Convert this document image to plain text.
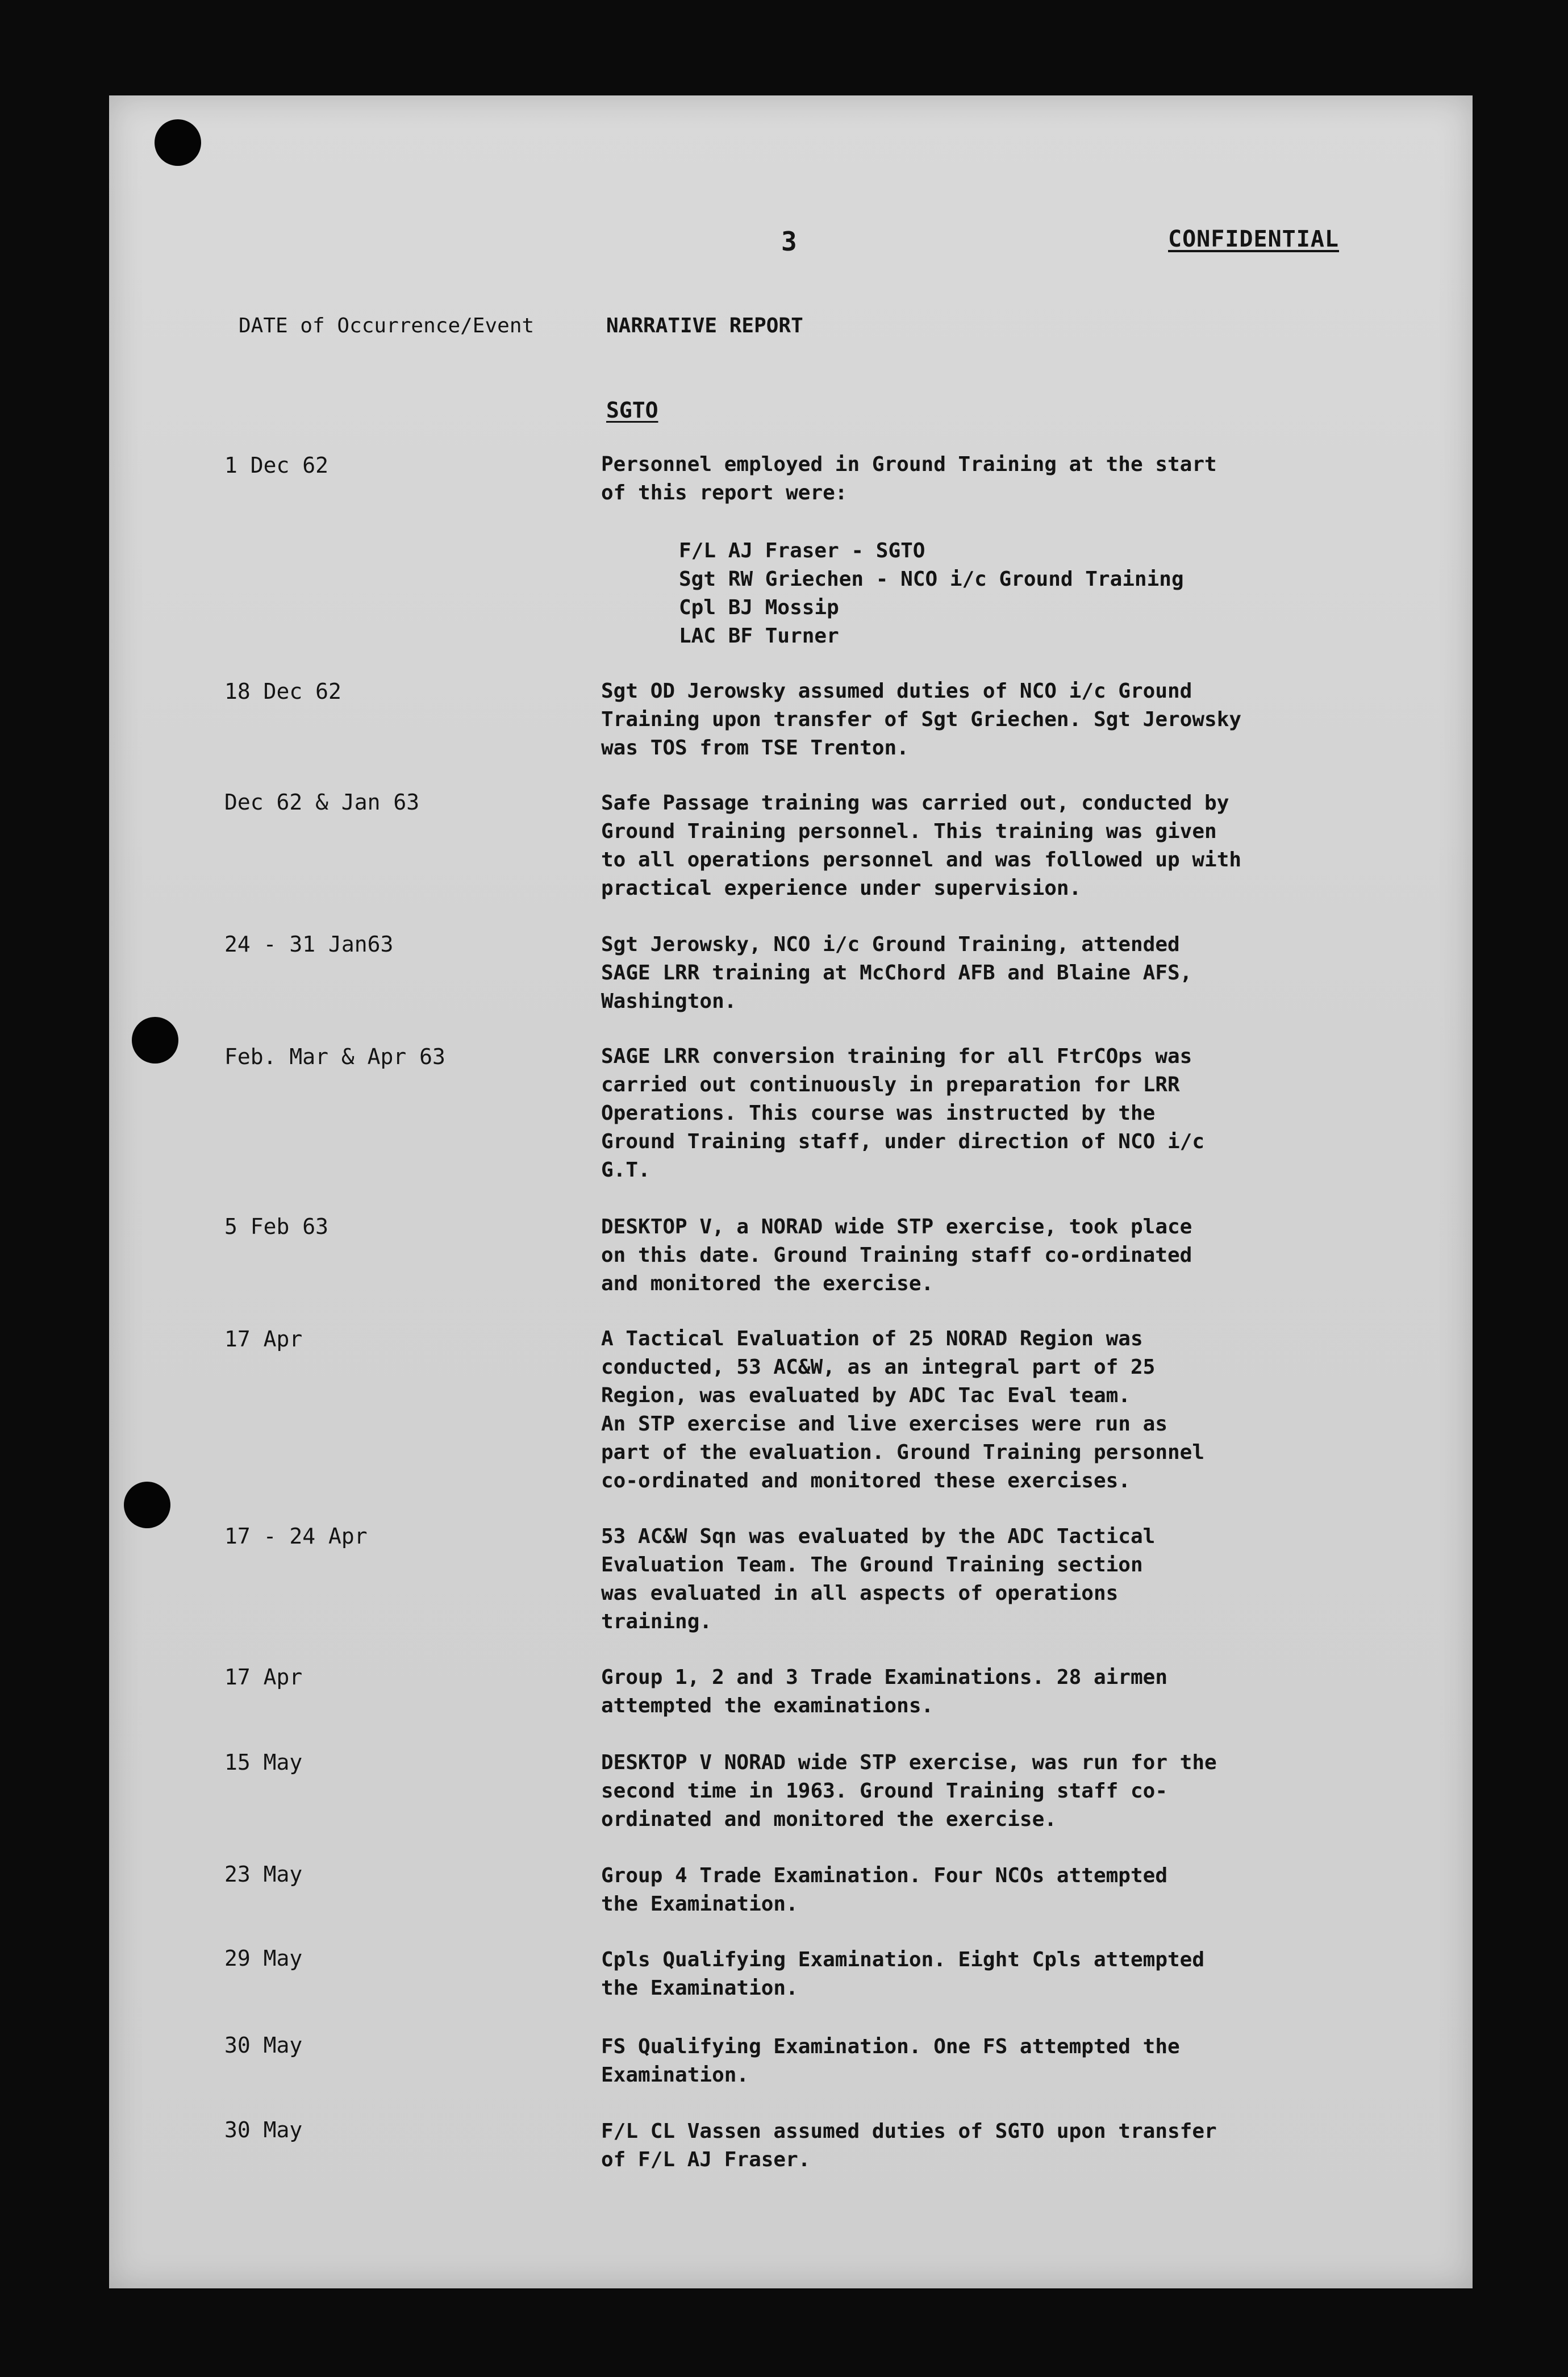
3	CONFIDENTIAL
DATE of Occurrence/Event	NARRATIVE REPORT
SGTO
1 Dec 62	Personnel employed in Ground Training at the start
of this report were:
F/L AJ Fraser - SGTO
Sgt RW Griechen - NCO i/c Ground Training
Cpl BJ Mossip
LAC BF Turner
18 Dec 62	Sgt OD Jerowsky assumed duties of NCO i/c Ground
Training upon transfer of Sgt Griechen. Sgt Jerowsky
was TOS from TSE Trenton.
Dec 62 & Jan 63	Safe Passage training was carried out, conducted by
Ground Training personnel. This training was given
to all operations personnel and was followed up with
practical experience under supervision.
24 - 31 Jan63	Sgt Jerowsky, NCO i/c Ground Training, attended
SAGE LRR training at McChord AFB and Blaine AFS,
Washington.
Feb. Mar & Apr 63	SAGE LRR conversion training for all FtrCOps was
carried out continuously in preparation for LRR
Operations. This course was instructed by the
Ground Training staff, under direction of NCO i/c
G.T.
5 Feb 63	DESKTOP V, a NORAD wide STP exercise, took place
on this date. Ground Training staff co-ordinated
and monitored the exercise.
17 Apr	A Tactical Evaluation of 25 NORAD Region was
conducted, 53 AC&W, as an integral part of 25
Region, was evaluated by ADC Tac Eval team.
An STP exercise and live exercises were run as
part of the evaluation. Ground Training personnel
co-ordinated and monitored these exercises.
17 - 24 Apr	53 AC&W Sqn was evaluated by the ADC Tactical
Evaluation Team. The Ground Training section
was evaluated in all aspects of operations
training.
17 Apr	Group 1, 2 and 3 Trade Examinations. 28 airmen
attempted the examinations.
15 May	DESKTOP V NORAD wide STP exercise, was run for the
second time in 1963. Ground Training staff co-
ordinated and monitored the exercise.
23 May	Group 4 Trade Examination. Four NCOs attempted
the Examination.
29 May	Cpls Qualifying Examination. Eight Cpls attempted
the Examination.
30 May	FS Qualifying Examination. One FS attempted the
Examination.
30 May	F/L CL Vassen assumed duties of SGTO upon transfer
of F/L AJ Fraser.
